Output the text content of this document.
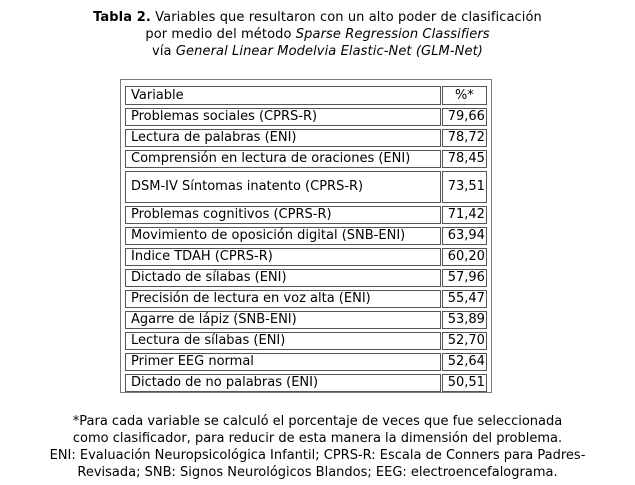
Tabla 2. Variables que resultaron con un alto poder de clasificación
por medio del método Sparse Regression Classifiers
vía General Linear Modelvia Elastic-Net (GLM-Net)
Variable	%*
Problemas sociales (CPRS-R)	79,66
Lectura de palabras (ENI)	78,72
Comprensión en lectura de oraciones (ENI)	78,45
DSM-IV Síntomas inatento (CPRS-R)	73,51
Problemas cognitivos (CPRS-R)	71,42
Movimiento de oposición digital (SNB-ENI)	63,94
Índice TDAH (CPRS-R)	60,20
Dictado de sílabas (ENI)	57,96
Precisión de lectura en voz alta (ENI)	55,47
Agarre de lápiz (SNB-ENI)	53,89
Lectura de sílabas (ENI)	52,70
Primer EEG normal	52,64
Dictado de no palabras (ENI)	50,51
*Para cada variable se calculó el porcentaje de veces que fue seleccionada
como clasificador, para reducir de esta manera la dimensión del problema.
ENI: Evaluación Neuropsicológica Infantil; CPRS-R: Escala de Conners para Padres-
Revisada; SNB: Signos Neurológicos Blandos; EEG: electroencefalograma.
